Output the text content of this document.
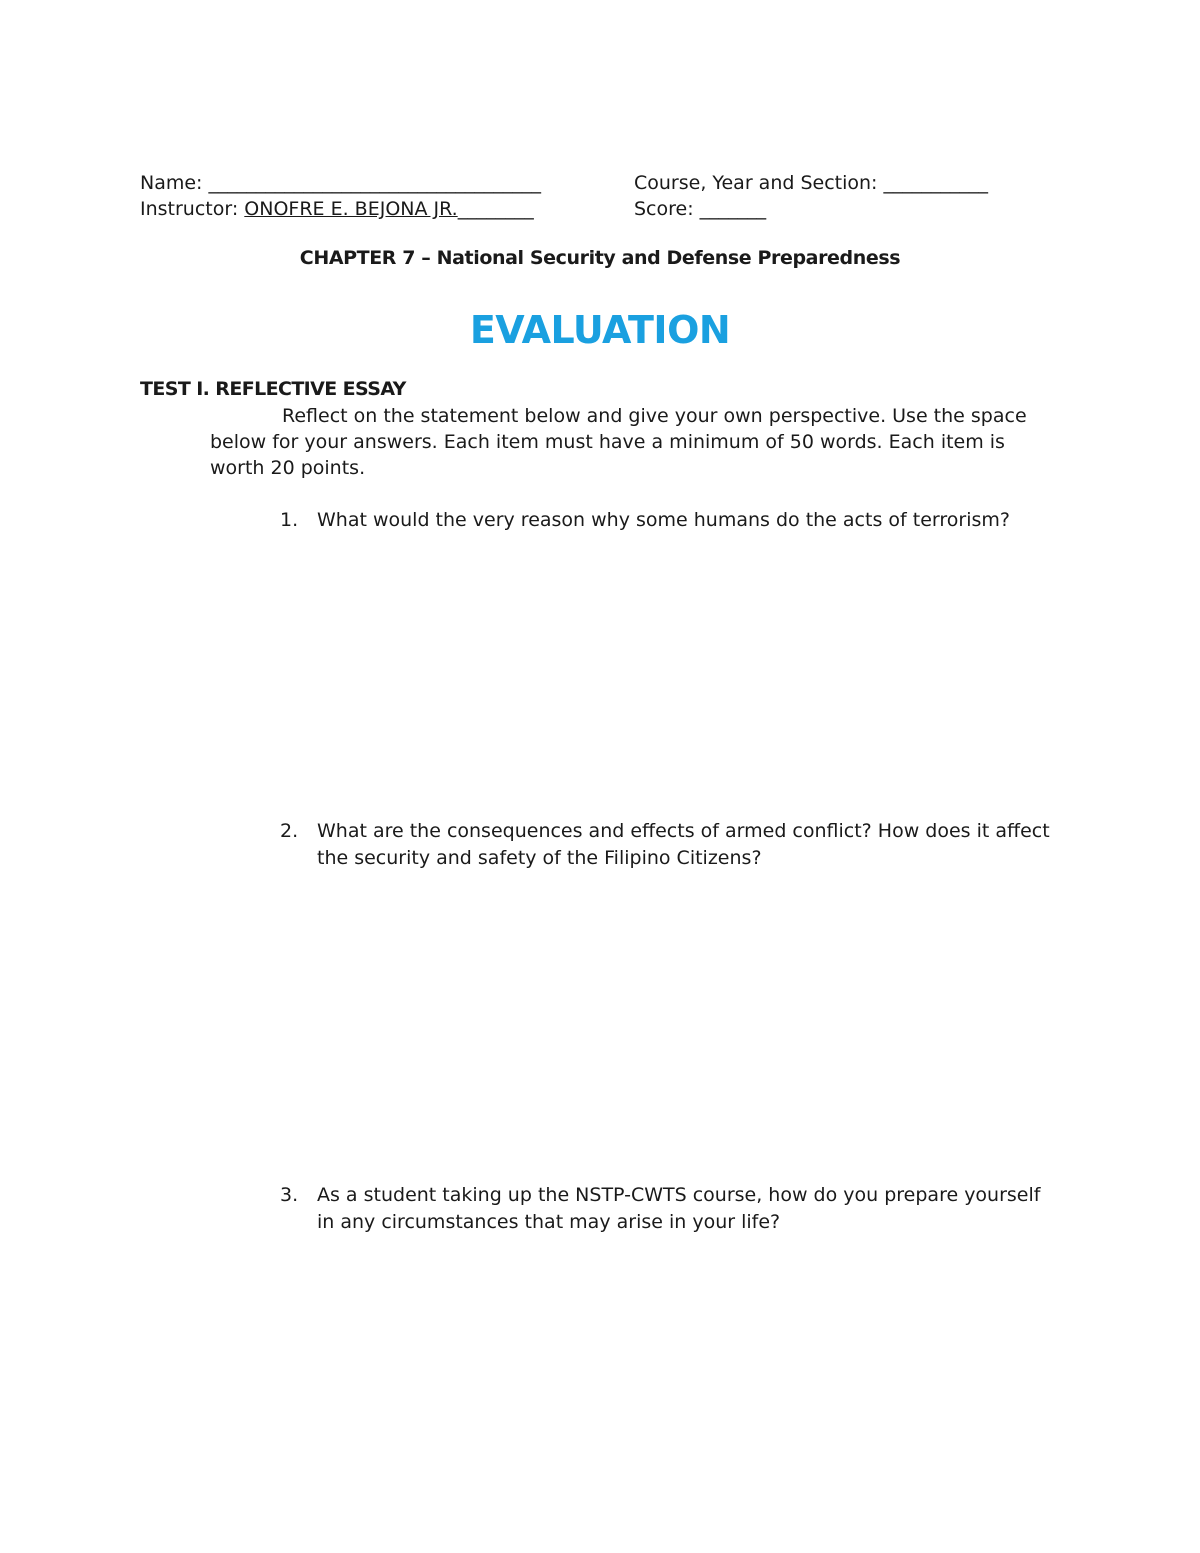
Name: ___________________________________	Course, Year and Section: ___________
Instructor: ONOFRE E. BEJONA JR.________	Score: _______
CHAPTER 7 – National Security and Defense Preparedness
EVALUATION
TEST I. REFLECTIVE ESSAY
Reflect on the statement below and give your own perspective. Use the space below for your answers. Each item must have a minimum of 50 words. Each item is worth 20 points.
1. What would the very reason why some humans do the acts of terrorism?
2. What are the consequences and effects of armed conflict? How does it affect the security and safety of the Filipino Citizens?
3. As a student taking up the NSTP-CWTS course, how do you prepare yourself in any circumstances that may arise in your life?
